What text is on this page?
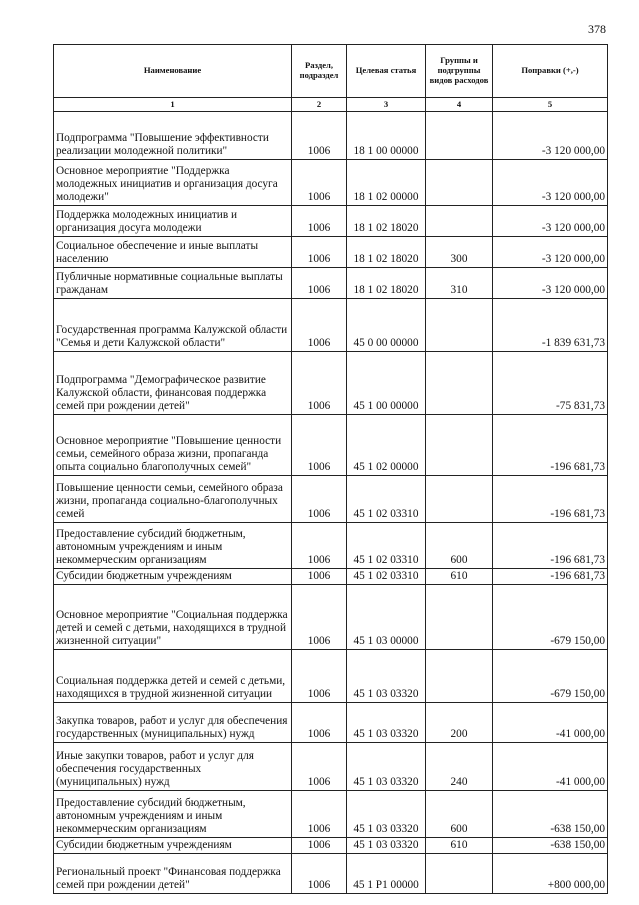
378
Наименование	Раздел, подраздел	Целевая статья	Группы и подгруппы видов расходов	Поправки (+,-)
1	2	3	4	5
Подпрограмма "Повышение эффективности реализации молодежной политики"	1006	18 1 00 00000		-3 120 000,00
Основное мероприятие "Поддержка молодежных инициатив и организация досуга молодежи"	1006	18 1 02 00000		-3 120 000,00
Поддержка молодежных инициатив и организация досуга молодежи	1006	18 1 02 18020		-3 120 000,00
Социальное обеспечение и иные выплаты населению	1006	18 1 02 18020	300	-3 120 000,00
Публичные нормативные социальные выплаты гражданам	1006	18 1 02 18020	310	-3 120 000,00
Государственная программа Калужской области "Семья и дети Калужской области"	1006	45 0 00 00000		-1 839 631,73
Подпрограмма "Демографическое развитие Калужской области, финансовая поддержка семей при рождении детей"	1006	45 1 00 00000		-75 831,73
Основное мероприятие "Повышение ценности семьи, семейного образа жизни, пропаганда опыта социально благополучных семей"	1006	45 1 02 00000		-196 681,73
Повышение ценности семьи, семейного образа жизни, пропаганда социально-благополучных семей	1006	45 1 02 03310		-196 681,73
Предоставление субсидий бюджетным, автономным учреждениям и иным некоммерческим организациям	1006	45 1 02 03310	600	-196 681,73
Субсидии бюджетным учреждениям	1006	45 1 02 03310	610	-196 681,73
Основное мероприятие "Социальная поддержка детей и семей с детьми, находящихся в трудной жизненной ситуации"	1006	45 1 03 00000		-679 150,00
Социальная поддержка детей и семей с детьми, находящихся в трудной жизненной ситуации	1006	45 1 03 03320		-679 150,00
Закупка товаров, работ и услуг для обеспечения государственных (муниципальных) нужд	1006	45 1 03 03320	200	-41 000,00
Иные закупки товаров, работ и услуг для обеспечения государственных (муниципальных) нужд	1006	45 1 03 03320	240	-41 000,00
Предоставление субсидий бюджетным, автономным учреждениям и иным некоммерческим организациям	1006	45 1 03 03320	600	-638 150,00
Субсидии бюджетным учреждениям	1006	45 1 03 03320	610	-638 150,00
Региональный проект "Финансовая поддержка семей при рождении детей"	1006	45 1 P1 00000		+800 000,00
